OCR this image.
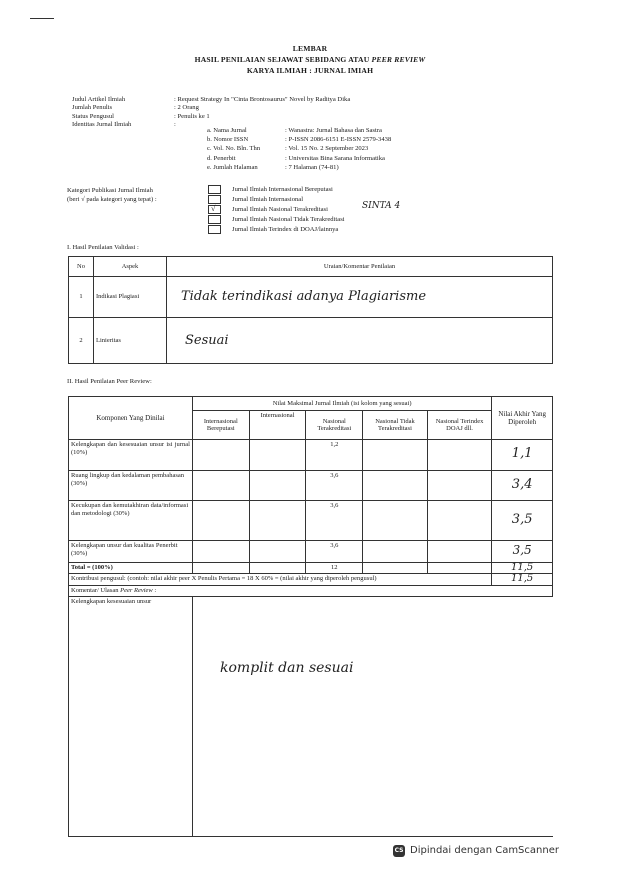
LEMBAR
HASIL PENILAIAN SEJAWAT SEBIDANG ATAU PEER REVIEW
KARYA ILMIAH : JURNAL IMIAH
Judul Artikel Ilmiah	: Request Strategy In "Cinta Brontosaurus" Novel by Raditya Dika
Jumlah Penulis	: 2 Orang
Status Pengusul	: Penulis ke 1
Identitas Jurnal Ilmiah	:
a. Nama Jurnal	: Wanastra: Jurnal Bahasa dan Sastra
b. Nomor ISSN	: P-ISSN 2086-6151 E-ISSN 2579-3438
c. Vol. No. Bln. Thn	: Vol. 15 No. 2 September 2023
d. Penerbit	: Universitas Bina Sarana Informatika
e. Jumlah Halaman	: 7 Halaman (74-81)
Kategori Publikasi Jurnal Ilmiah
(beri √ pada kategori yang tepat) :
Jurnal Ilmiah Internasional Bereputasi
Jurnal Ilmiah Internasional
√	Jurnal Ilmiah Nasional Terakreditasi	SINTA 4
Jurnal Ilmiah Nasional Tidak Terakreditasi
Jurnal Ilmiah Terindex di DOAJ/lainnya
I. Hasil Penilaian Validasi :
No	Aspek	Uraian/Komentar Penilaian
1	Indikasi Plagiasi	Tidak terindikasi adanya Plagiarisme
2	Linieritas	Sesuai
II. Hasil Penilaian Peer Review:
Komponen Yang Dinilai	Nilai Maksimal Jurnal Ilmiah (isi kolom yang sesuai)					Nilai Akhir Yang Diperoleh
	Internasional Bereputasi	Internasional	Nasional Terakreditasi	Nasional Tidak Terakreditasi	Nasional Terindex DOAJ dll.	
Kelengkapan dan kesesuaian unsur isi jurnal (10%)			1,2			1,1
Ruang lingkup dan kedalaman pembahasan (30%)			3,6			3,4
Kecukupan dan kemutakhiran data/informasi dan metodologi (30%)			3,6			3,5
Kelengkapan unsur dan kualitas Penerbit (30%)			3,6			3,5
Total = (100%)			12			11,5
Kontribusi pengusul: (contoh: nilai akhir peer X Penulis Pertama = 18 X 60% = (nilai akhir yang diperoleh pengusul)						11,5
Komentar/ Ulasan Peer Review :						
Kelengkapan kesesuaian unsur						
komplit dan sesuai
CS Dipindai dengan CamScanner
